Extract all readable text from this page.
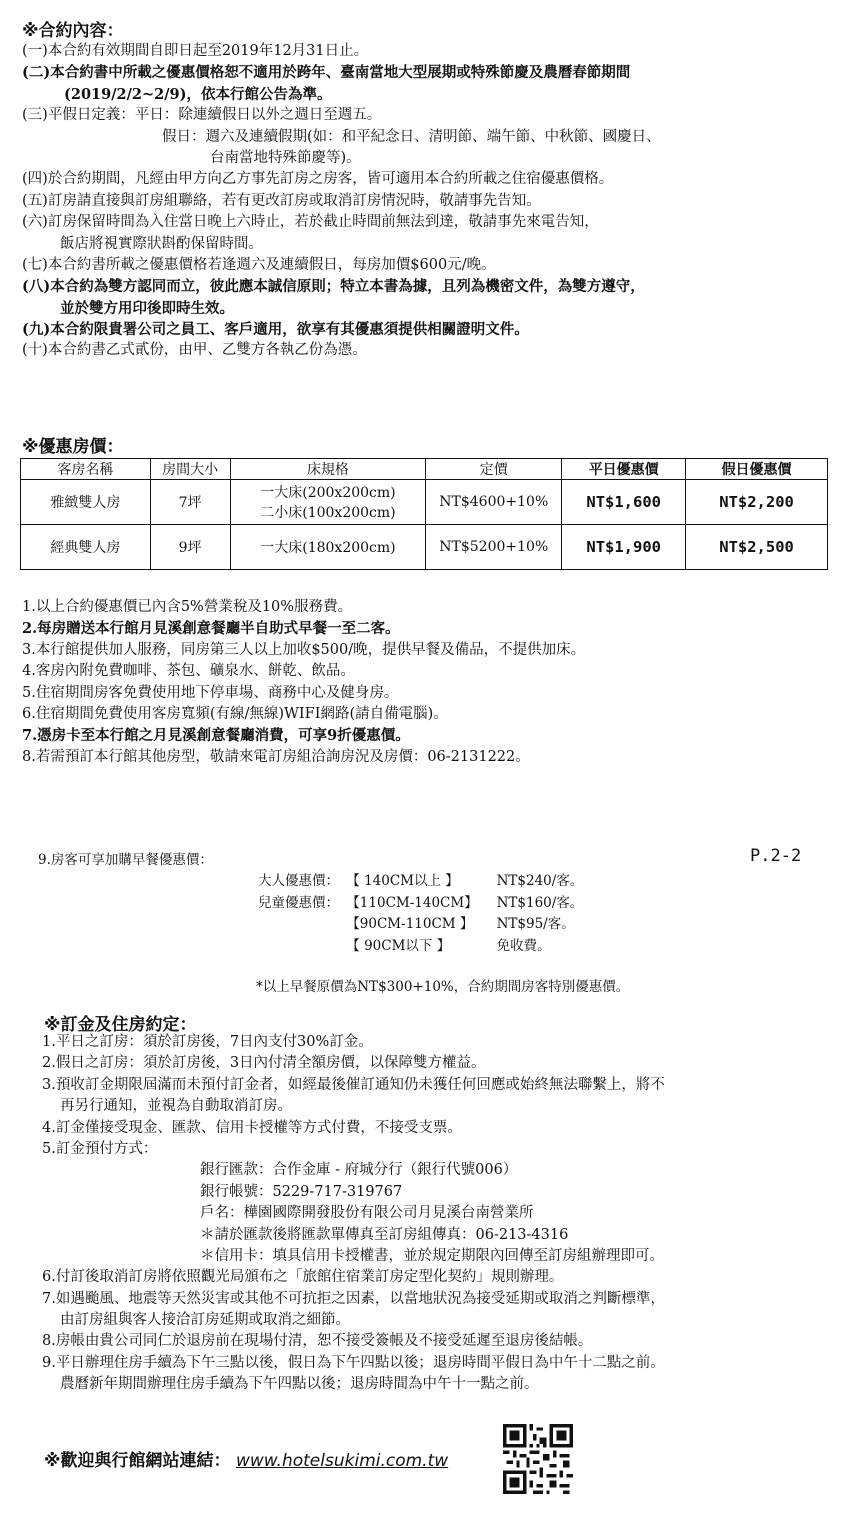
※合約內容：
(一)本合約有效期間自即日起至2019年12月31日止。
(二)本合約書中所載之優惠價格恕不適用於跨年、臺南當地大型展期或特殊節慶及農曆春節期間
(2019/2/2~2/9)，依本行館公告為準。
(三)平假日定義：平日：除連續假日以外之週日至週五。
假日：週六及連續假期(如：和平紀念日、清明節、端午節、中秋節、國慶日、
台南當地特殊節慶等)。
(四)於合約期間，凡經由甲方向乙方事先訂房之房客，皆可適用本合約所載之住宿優惠價格。
(五)訂房請直接與訂房組聯絡，若有更改訂房或取消訂房情況時，敬請事先告知。
(六)訂房保留時間為入住當日晚上六時止，若於截止時間前無法到達，敬請事先來電告知，
飯店將視實際狀斟酌保留時間。
(七)本合約書所載之優惠價格若逢週六及連續假日，每房加價$600元/晚。
(八)本合約為雙方認同而立，彼此應本誠信原則；特立本書為據，且列為機密文件，為雙方遵守，
並於雙方用印後即時生效。
(九)本合約限貴署公司之員工、客戶適用，欲享有其優惠須提供相關證明文件。
(十)本合約書乙式貳份，由甲、乙雙方各執乙份為憑。
※優惠房價：
客房名稱	房間大小	床規格	定價	平日優惠價	假日優惠價
雅緻雙人房	7坪	一大床(200x200cm)
二小床(100x200cm)	NT$4600+10%	NT$1,600	NT$2,200
經典雙人房	9坪	一大床(180x200cm)	NT$5200+10%	NT$1,900	NT$2,500
1.以上合約優惠價已內含5%營業稅及10%服務費。
2.每房贈送本行館月見溪創意餐廳半自助式早餐一至二客。
3.本行館提供加人服務，同房第三人以上加收$500/晚，提供早餐及備品，不提供加床。
4.客房內附免費咖啡、茶包、礦泉水、餅乾、飲品。
5.住宿期間房客免費使用地下停車場、商務中心及健身房。
6.住宿期間免費使用客房寬頻(有線/無線)WIFI網路(請自備電腦)。
7.憑房卡至本行館之月見溪創意餐廳消費，可享9折優惠價。
8.若需預訂本行館其他房型，敬請來電訂房組洽詢房況及房價：06-2131222。
9.房客可享加購早餐優惠價：	P.2-2
大人優惠價： 【 140CM以上 】	NT$240/客。
兒童優惠價： 【110CM-140CM】 NT$160/客。
【90CM-110CM 】 NT$95/客。
【 90CM以下 】	免收費。
*以上早餐原價為NT$300+10%，合約期間房客特別優惠價。
※訂金及住房約定：
1.平日之訂房：須於訂房後，7日內支付30%訂金。
2.假日之訂房：須於訂房後，3日內付清全額房價，以保障雙方權益。
3.預收訂金期限屆滿而未預付訂金者，如經最後催訂通知仍未獲任何回應或始終無法聯繫上，將不
再另行通知，並視為自動取消訂房。
4.訂金僅接受現金、匯款、信用卡授權等方式付費，不接受支票。
5.訂金預付方式：
銀行匯款：合作金庫 - 府城分行（銀行代號006）
銀行帳號：5229-717-319767
戶名：樺園國際開發股份有限公司月見溪台南營業所
＊請於匯款後將匯款單傳真至訂房組傳真：06-213-4316
＊信用卡：填具信用卡授權書，並於規定期限內回傳至訂房組辦理即可。
6.付訂後取消訂房將依照觀光局頒布之「旅館住宿業訂房定型化契約」規則辦理。
7.如遇颱風、地震等天然災害或其他不可抗拒之因素，以當地狀況為接受延期或取消之判斷標準，
由訂房組與客人接洽訂房延期或取消之細節。
8.房帳由貴公司同仁於退房前在現場付清，恕不接受簽帳及不接受延遲至退房後結帳。
9.平日辦理住房手續為下午三點以後，假日為下午四點以後；退房時間平假日為中午十二點之前。
農曆新年期間辦理住房手續為下午四點以後；退房時間為中午十一點之前。
※歡迎與行館網站連結： www.hotelsukimi.com.tw
